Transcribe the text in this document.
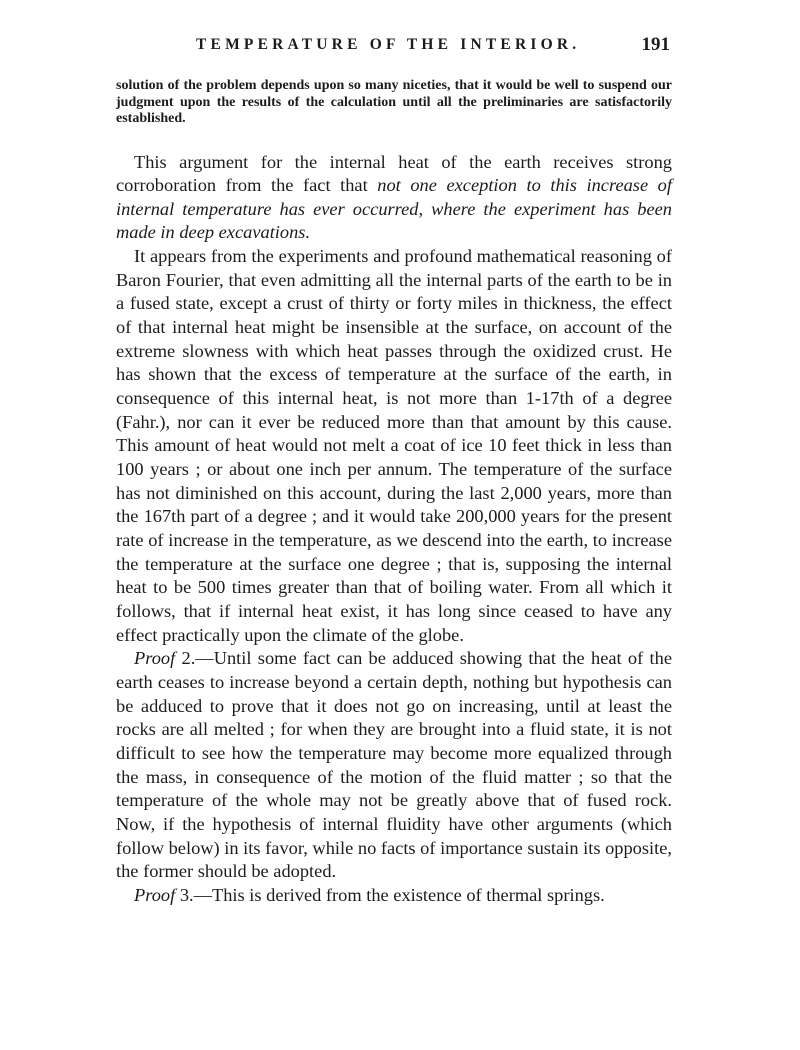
TEMPERATURE OF THE INTERIOR.	191

solution of the problem depends upon so many niceties, that it would be well to suspend our judgment upon the results of the calculation until all the preliminaries are satisfactorily established.

This argument for the internal heat of the earth receives strong corroboration from the fact that not one exception to this increase of internal temperature has ever occurred, where the experiment has been made in deep excavations.

It appears from the experiments and profound mathematical reasoning of Baron Fourier, that even admitting all the internal parts of the earth to be in a fused state, except a crust of thirty or forty miles in thickness, the effect of that internal heat might be insensible at the surface, on account of the extreme slowness with which heat passes through the oxidized crust. He has shown that the excess of temperature at the surface of the earth, in consequence of this internal heat, is not more than 1-17th of a degree (Fahr.), nor can it ever be reduced more than that amount by this cause. This amount of heat would not melt a coat of ice 10 feet thick in less than 100 years ; or about one inch per annum. The temperature of the surface has not diminished on this account, during the last 2,000 years, more than the 167th part of a degree ; and it would take 200,000 years for the present rate of increase in the temperature, as we descend into the earth, to increase the temperature at the surface one degree ; that is, supposing the internal heat to be 500 times greater than that of boiling water. From all which it follows, that if internal heat exist, it has long since ceased to have any effect practically upon the climate of the globe.

Proof 2.—Until some fact can be adduced showing that the heat of the earth ceases to increase beyond a certain depth, nothing but hypothesis can be adduced to prove that it does not go on increasing, until at least the rocks are all melted ; for when they are brought into a fluid state, it is not difficult to see how the temperature may become more equalized through the mass, in consequence of the motion of the fluid matter ; so that the temperature of the whole may not be greatly above that of fused rock. Now, if the hypothesis of internal fluidity have other arguments (which follow below) in its favor, while no facts of importance sustain its opposite, the former should be adopted.

Proof 3.—This is derived from the existence of thermal springs.
